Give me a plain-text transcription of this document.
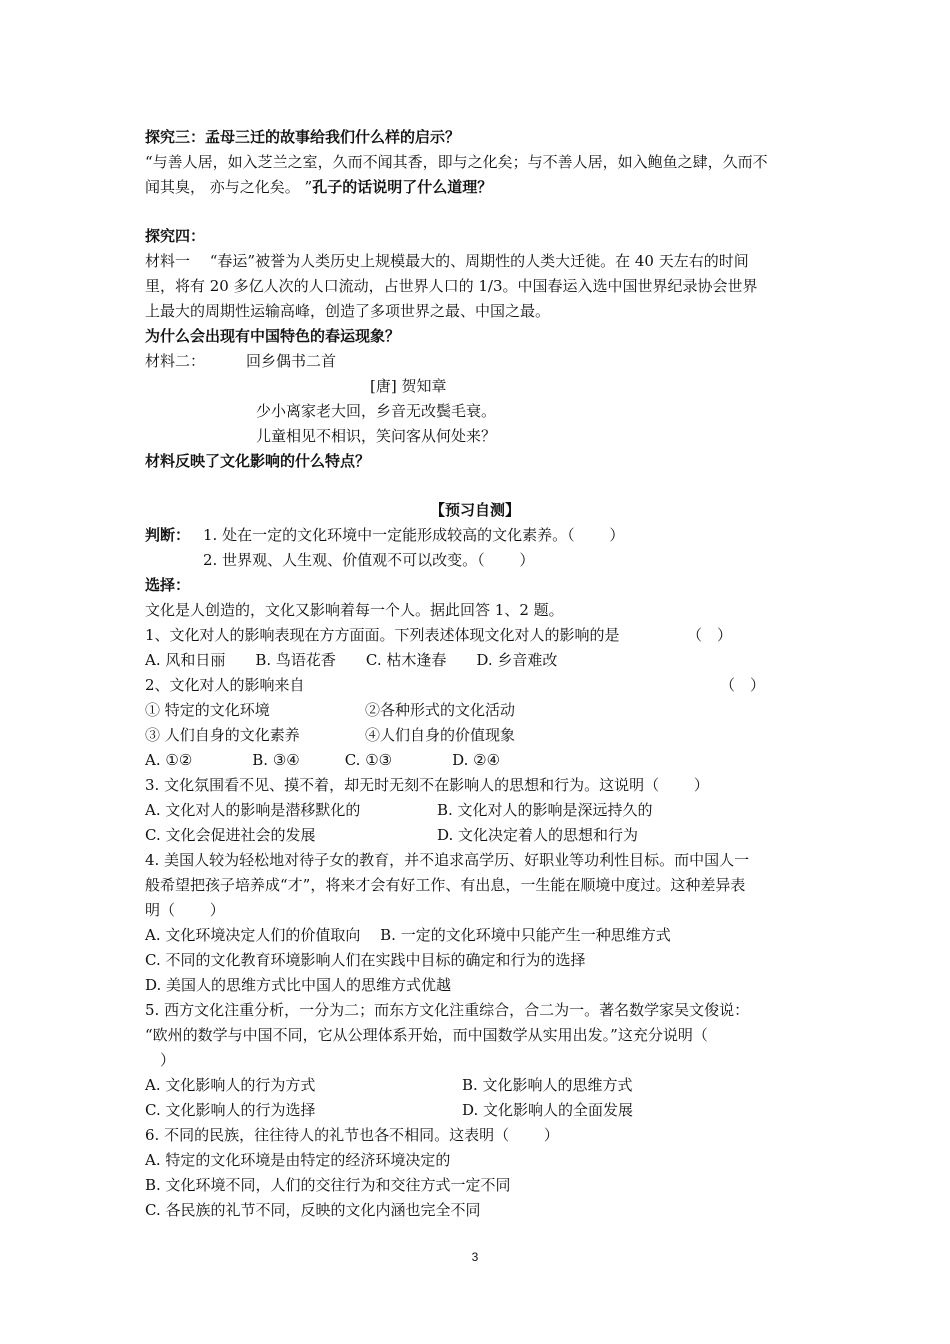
探究三：孟母三迁的故事给我们什么样的启示？
“与善人居，如入芝兰之室，久而不闻其香，即与之化矣；与不善人居，如入鲍鱼之肆，久而不
闻其臭， 亦与之化矣。 ”孔子的话说明了什么道理？
探究四：
材料一　 “春运”被誉为人类历史上规模最大的、周期性的人类大迁徙。在 40 天左右的时间
里，将有 20 多亿人次的人口流动，占世界人口的 1/3。中国春运入选中国世界纪录协会世界
上最大的周期性运输高峰，创造了多项世界之最、中国之最。
为什么会出现有中国特色的春运现象？
材料二：	回乡偶书二首
[唐] 贺知章
少小离家老大回，乡音无改鬓毛衰。
儿童相见不相识，笑问客从何处来？
材料反映了文化影响的什么特点？
【预习自测】
判断： 1. 处在一定的文化环境中一定能形成较高的文化素养。（　　 ）
2. 世界观、人生观、价值观不可以改变。（　　 ）
选择：
文化是人创造的，文化又影响着每一个人。据此回答 1、2 题。
1、文化对人的影响表现在方方面面。下列表述体现文化对人的影响的是　　　　　（　）
A. 风和日丽　　B. 鸟语花香　　C. 枯木逢春　　D. 乡音难改
2、文化对人的影响来自	（　）
① 特定的文化环境	②各种形式的文化活动
③ 人们自身的文化素养	④人们自身的价值现象
A. ①②　　　　B. ③④　　　C. ①③　　　　D. ②④
3. 文化氛围看不见、摸不着，却无时无刻不在影响人的思想和行为。这说明（　　 ）
A. 文化对人的影响是潜移默化的	B. 文化对人的影响是深远持久的
C. 文化会促进社会的发展	D. 文化决定着人的思想和行为
4. 美国人较为轻松地对待子女的教育，并不追求高学历、好职业等功利性目标。而中国人一
般希望把孩子培养成“才”，将来才会有好工作、有出息，一生能在顺境中度过。这种差异表
明（　　 ）
A. 文化环境决定人们的价值取向　 B. 一定的文化环境中只能产生一种思维方式
C. 不同的文化教育环境影响人们在实践中目标的确定和行为的选择
D. 美国人的思维方式比中国人的思维方式优越
5. 西方文化注重分析，一分为二；而东方文化注重综合，合二为一。著名数学家吴文俊说：
“欧州的数学与中国不同，它从公理体系开始，而中国数学从实用出发。”这充分说明（
）
A. 文化影响人的行为方式	B. 文化影响人的思维方式
C. 文化影响人的行为选择	D. 文化影响人的全面发展
6. 不同的民族，往往待人的礼节也各不相同。这表明（　　 ）
A. 特定的文化环境是由特定的经济环境决定的
B. 文化环境不同，人们的交往行为和交往方式一定不同
C. 各民族的礼节不同，反映的文化内涵也完全不同
3
